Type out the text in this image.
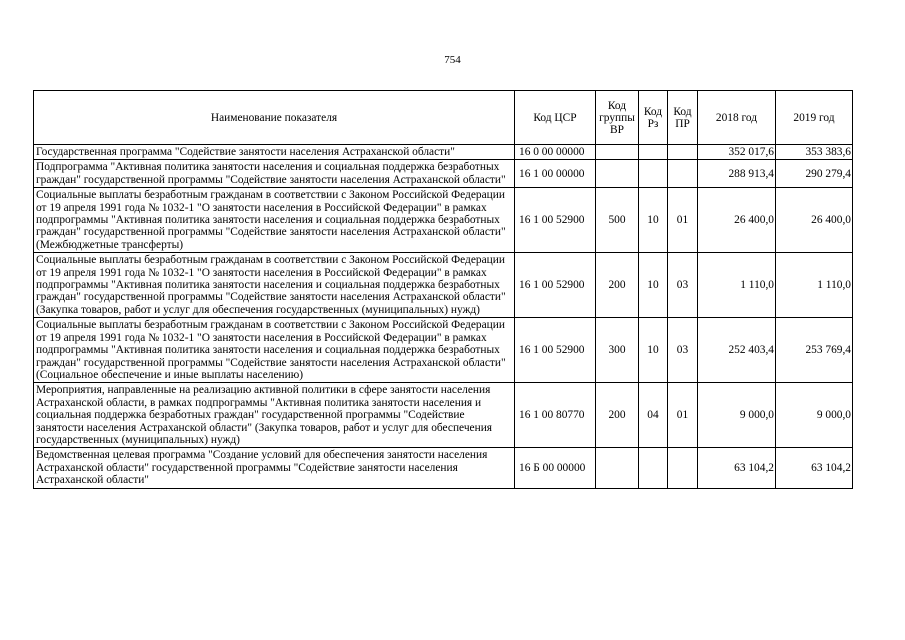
754
Наименование показателя	Код ЦСР	Код группы ВР	Код Рз	Код ПР	2018 год	2019 год
Государственная программа "Содействие занятости населения Астраханской области"	16 0 00 00000				352 017,6	353 383,6
Подпрограмма "Активная политика занятости населения и социальная поддержка безработных граждан" государственной программы "Содействие занятости населения Астраханской области"	16 1 00 00000				288 913,4	290 279,4
Социальные выплаты безработным гражданам в соответствии с Законом Российской Федерации от 19 апреля 1991 года № 1032-1 "О занятости населения в Российской Федерации" в рамках подпрограммы "Активная политика занятости населения и социальная поддержка безработных граждан" государственной программы "Содействие занятости населения Астраханской области" (Межбюджетные трансферты)	16 1 00 52900	500	10	01	26 400,0	26 400,0
Социальные выплаты безработным гражданам в соответствии с Законом Российской Федерации от 19 апреля 1991 года № 1032-1 "О занятости населения в Российской Федерации" в рамках подпрограммы "Активная политика занятости населения и социальная поддержка безработных граждан" государственной программы "Содействие занятости населения Астраханской области" (Закупка товаров, работ и услуг для обеспечения государственных (муниципальных) нужд)	16 1 00 52900	200	10	03	1 110,0	1 110,0
Социальные выплаты безработным гражданам в соответствии с Законом Российской Федерации от 19 апреля 1991 года № 1032-1 "О занятости населения в Российской Федерации" в рамках подпрограммы "Активная политика занятости населения и социальная поддержка безработных граждан" государственной программы "Содействие занятости населения Астраханской области" (Социальное обеспечение и иные выплаты населению)	16 1 00 52900	300	10	03	252 403,4	253 769,4
Мероприятия, направленные на реализацию активной политики в сфере занятости населения Астраханской области, в рамках подпрограммы "Активная политика занятости населения и социальная поддержка безработных граждан" государственной программы "Содействие занятости населения Астраханской области" (Закупка товаров, работ и услуг для обеспечения государственных (муниципальных) нужд)	16 1 00 80770	200	04	01	9 000,0	9 000,0
Ведомственная целевая программа "Создание условий для обеспечения занятости населения Астраханской области" государственной программы "Содействие занятости населения Астраханской области"	16 Б 00 00000				63 104,2	63 104,2
